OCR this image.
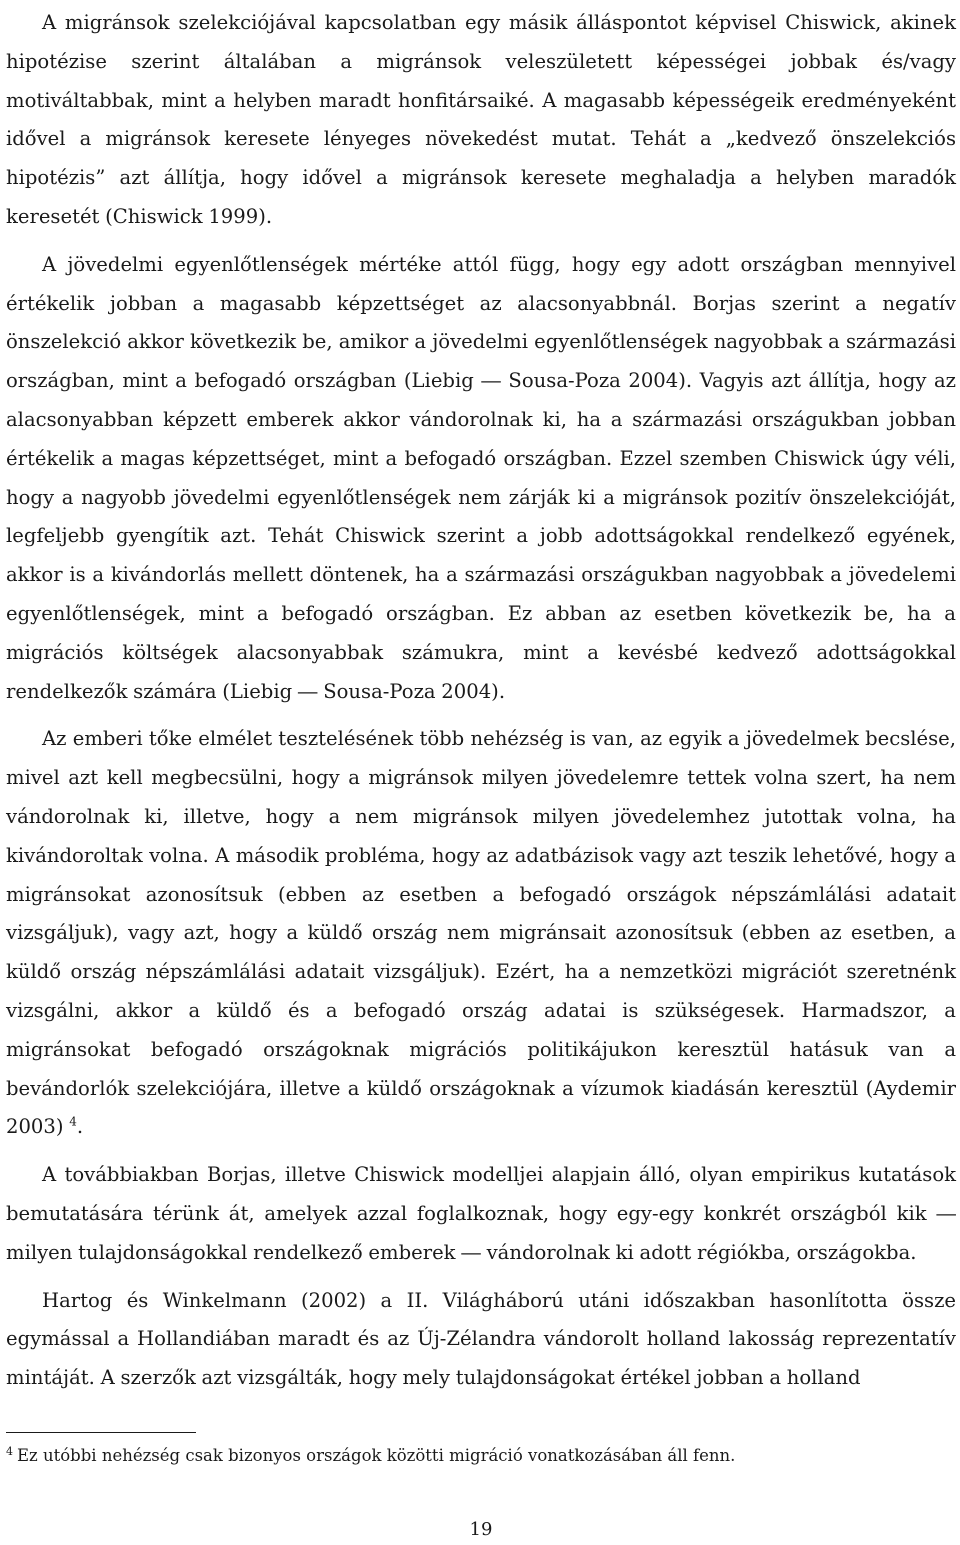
A migránsok szelekciójával kapcsolatban egy másik álláspontot képvisel Chiswick, akinek hipotézise szerint általában a migránsok veleszületett képességei jobbak és/vagy motiváltabbak, mint a helyben maradt honfitársaiké. A magasabb képességeik eredményeként idővel a migránsok keresete lényeges növekedést mutat. Tehát a „kedvező önszelekciós hipotézis” azt állítja, hogy idővel a migránsok keresete meghaladja a helyben maradók keresetét (Chiswick 1999).

A jövedelmi egyenlőtlenségek mértéke attól függ, hogy egy adott országban mennyivel értékelik jobban a magasabb képzettséget az alacsonyabbnál. Borjas szerint a negatív önszelekció akkor következik be, amikor a jövedelmi egyenlőtlenségek nagyobbak a származási országban, mint a befogadó országban (Liebig ― Sousa-Poza 2004). Vagyis azt állítja, hogy az alacsonyabban képzett emberek akkor vándorolnak ki, ha a származási országukban jobban értékelik a magas képzettséget, mint a befogadó országban. Ezzel szemben Chiswick úgy véli, hogy a nagyobb jövedelmi egyenlőtlenségek nem zárják ki a migránsok pozitív önszelekcióját, legfeljebb gyengítik azt. Tehát Chiswick szerint a jobb adottságokkal rendelkező egyének, akkor is a kivándorlás mellett döntenek, ha a származási országukban nagyobbak a jövedelemi egyenlőtlenségek, mint a befogadó országban. Ez abban az esetben következik be, ha a migrációs költségek alacsonyabbak számukra, mint a kevésbé kedvező adottságokkal rendelkezők számára (Liebig ― Sousa-Poza 2004).

Az emberi tőke elmélet tesztelésének több nehézség is van, az egyik a jövedelmek becslése, mivel azt kell megbecsülni, hogy a migránsok milyen jövedelemre tettek volna szert, ha nem vándorolnak ki, illetve, hogy a nem migránsok milyen jövedelemhez jutottak volna, ha kivándoroltak volna. A második probléma, hogy az adatbázisok vagy azt teszik lehetővé, hogy a migránsokat azonosítsuk (ebben az esetben a befogadó országok népszámlálási adatait vizsgáljuk), vagy azt, hogy a küldő ország nem migránsait azonosítsuk (ebben az esetben, a küldő ország népszámlálási adatait vizsgáljuk). Ezért, ha a nemzetközi migrációt szeretnénk vizsgálni, akkor a küldő és a befogadó ország adatai is szükségesek. Harmadszor, a migránsokat befogadó országoknak migrációs politikájukon keresztül hatásuk van a bevándorlók szelekciójára, illetve a küldő országoknak a vízumok kiadásán keresztül (Aydemir 2003) $^4$.

A továbbiakban Borjas, illetve Chiswick modelljei alapjain álló, olyan empirikus kutatások bemutatására térünk át, amelyek azzal foglalkoznak, hogy egy-egy konkrét országból kik ― milyen tulajdonságokkal rendelkező emberek ― vándorolnak ki adott régiókba, országokba.

Hartog és Winkelmann (2002) a II. Világháború utáni időszakban hasonlította össze egymással a Hollandiában maradt és az Új-Zélandra vándorolt holland lakosság reprezentatív mintáját. A szerzők azt vizsgálták, hogy mely tulajdonságokat értékel jobban a holland

$^4$ Ez utóbbi nehézség csak bizonyos országok közötti migráció vonatkozásában áll fenn.
19
